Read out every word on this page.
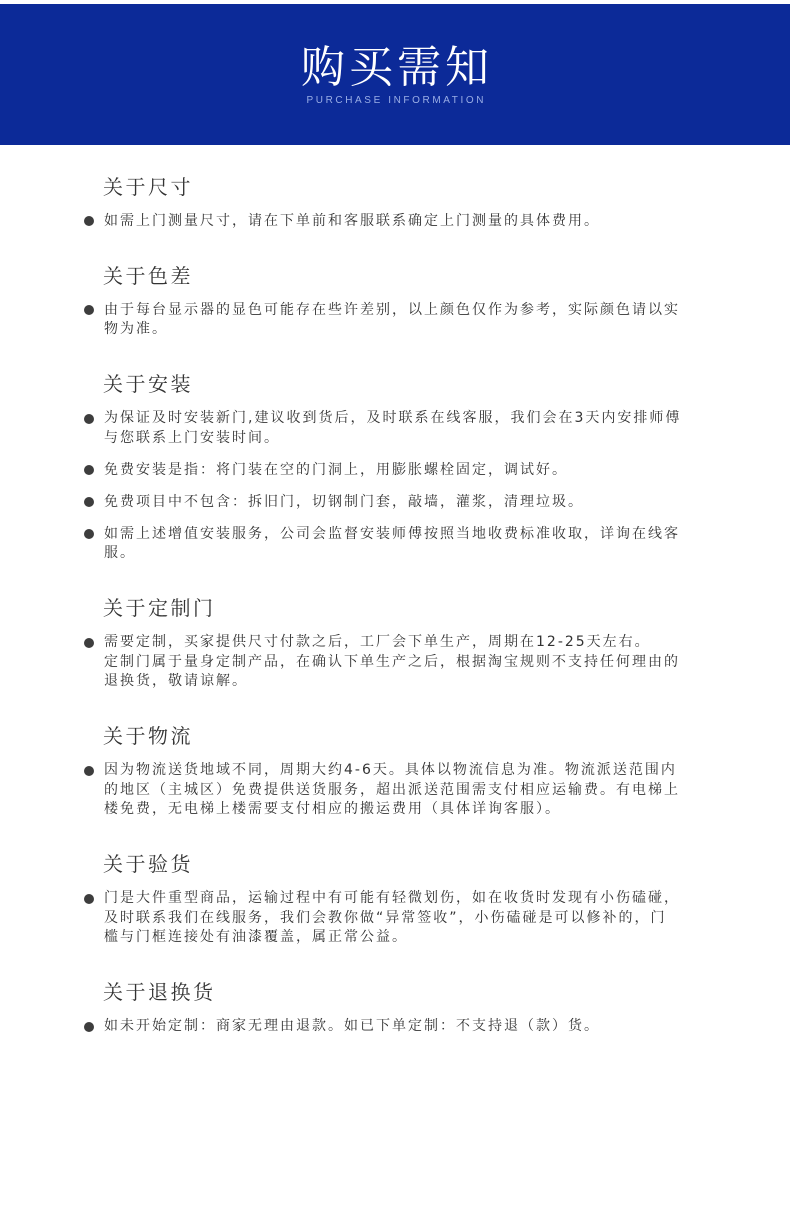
购买需知
PURCHASE INFORMATION
关于尺寸
如需上门测量尺寸，请在下单前和客服联系确定上门测量的具体费用。
关于色差
由于每台显示器的显色可能存在些许差别，以上颜色仅作为参考，实际颜色请以实
物为准。
关于安装
为保证及时安装新门,建议收到货后，及时联系在线客服，我们会在3天内安排师傅
与您联系上门安装时间。
免费安装是指：将门装在空的门洞上，用膨胀螺栓固定，调试好。
免费项目中不包含：拆旧门，切钢制门套，敲墙，灌浆，清理垃圾。
如需上述增值安装服务，公司会监督安装师傅按照当地收费标准收取，详询在线客
服。
关于定制门
需要定制，买家提供尺寸付款之后，工厂会下单生产，周期在12-25天左右。
定制门属于量身定制产品，在确认下单生产之后，根据淘宝规则不支持任何理由的
退换货，敬请谅解。
关于物流
因为物流送货地域不同，周期大约4-6天。具体以物流信息为准。物流派送范围内
的地区（主城区）免费提供送货服务，超出派送范围需支付相应运输费。有电梯上
楼免费，无电梯上楼需要支付相应的搬运费用（具体详询客服）。
关于验货
门是大件重型商品，运输过程中有可能有轻微划伤，如在收货时发现有小伤磕碰，
及时联系我们在线服务，我们会教你做“异常签收”，小伤磕碰是可以修补的，门
槛与门框连接处有油漆覆盖，属正常公益。
关于退换货
如未开始定制：商家无理由退款。如已下单定制：不支持退（款）货。
